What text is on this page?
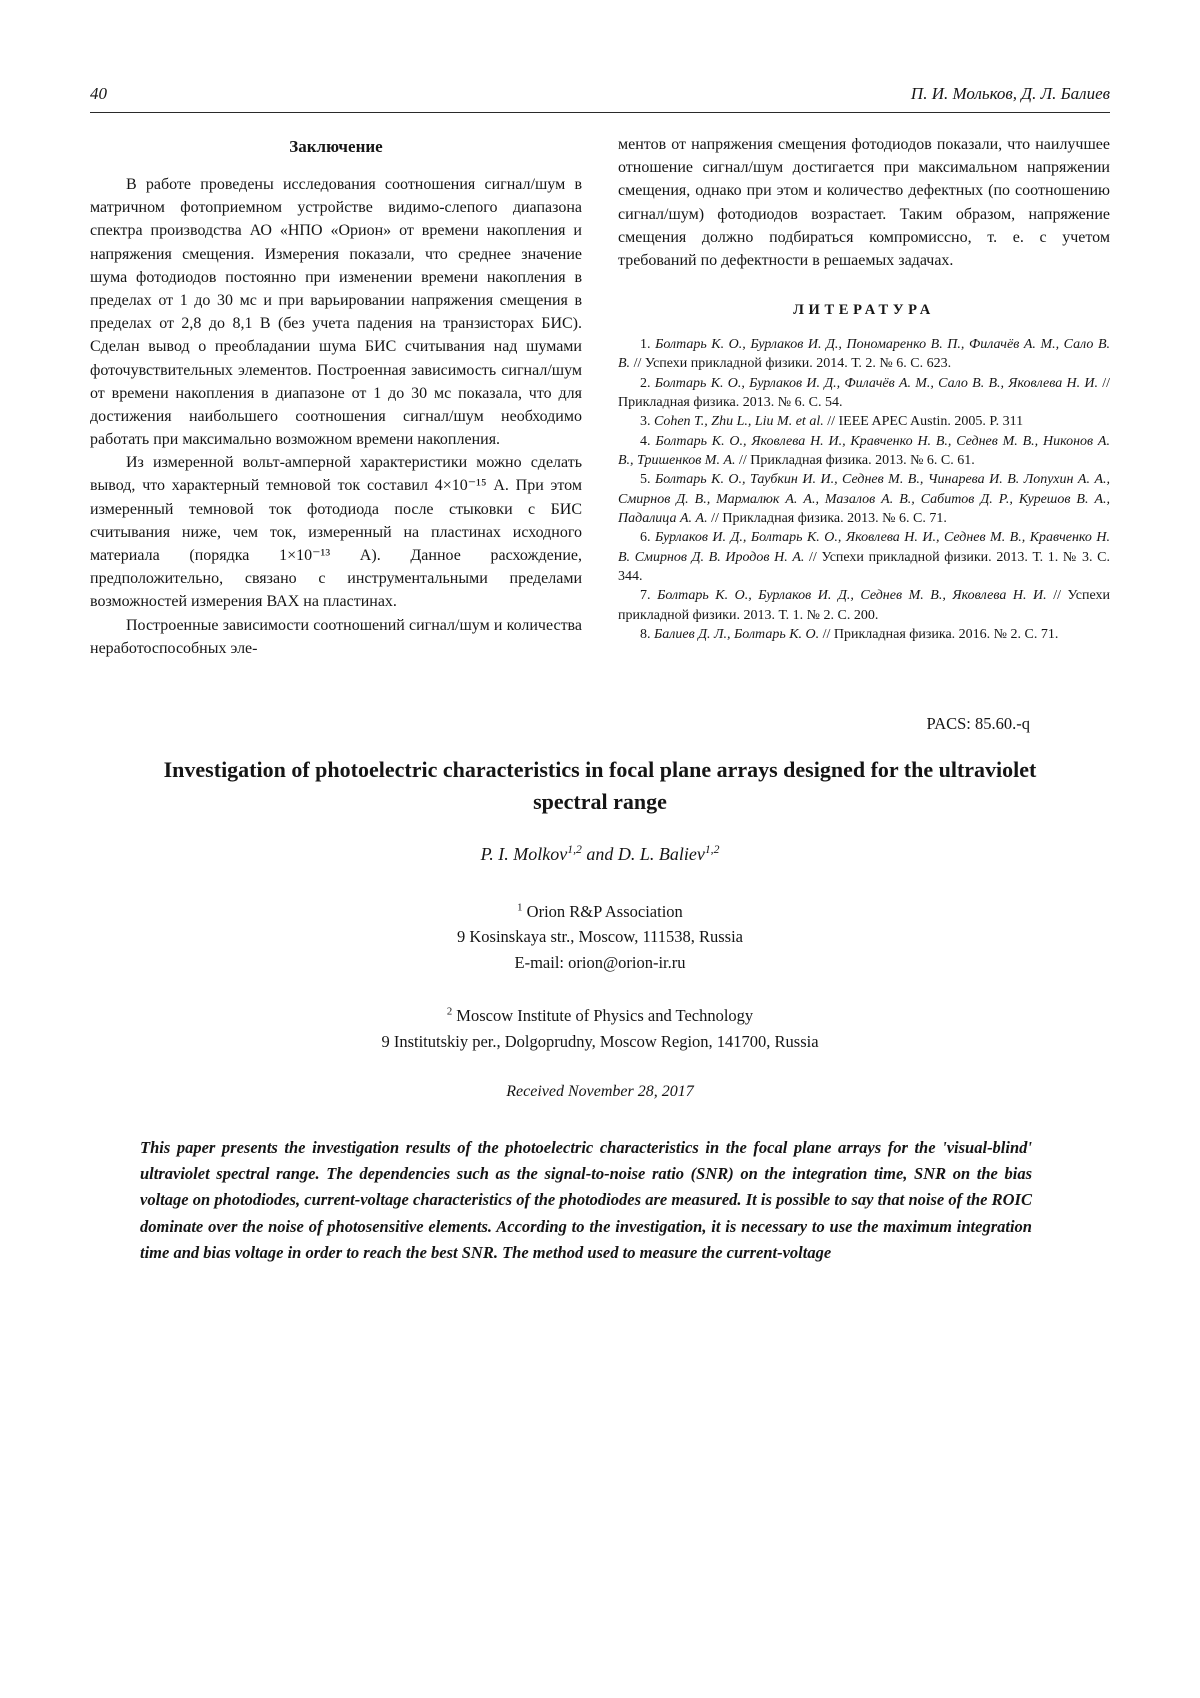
40	П. И. Мольков, Д. Л. Балиев
Заключение

В работе проведены исследования соотношения сигнал/шум в матричном фотоприемном устройстве видимо-слепого диапазона спектра производства АО «НПО «Орион» от времени накопления и напряжения смещения. Измерения показали, что среднее значение шума фотодиодов постоянно при изменении времени накопления в пределах от 1 до 30 мс и при варьировании напряжения смещения в пределах от 2,8 до 8,1 В (без учета падения на транзисторах БИС). Сделан вывод о преобладании шума БИС считывания над шумами фоточувствительных элементов. Построенная зависимость сигнал/шум от времени накопления в диапазоне от 1 до 30 мс показала, что для достижения наибольшего соотношения сигнал/шум необходимо работать при максимально возможном времени накопления.

Из измеренной вольт-амперной характеристики можно сделать вывод, что характерный темновой ток составил 4×10⁻¹⁵ А. При этом измеренный темновой ток фотодиода после стыковки с БИС считывания ниже, чем ток, измеренный на пластинах исходного материала (порядка 1×10⁻¹³ А). Данное расхождение, предположительно, связано с инструментальными пределами возможностей измерения ВАХ на пластинах.

Построенные зависимости соотношений сигнал/шум и количества неработоспособных эле-

ментов от напряжения смещения фотодиодов показали, что наилучшее отношение сигнал/шум достигается при максимальном напряжении смещения, однако при этом и количество дефектных (по соотношению сигнал/шум) фотодиодов возрастает. Таким образом, напряжение смещения должно подбираться компромиссно, т. е. с учетом требований по дефектности в решаемых задачах.

ЛИТЕРАТУРА

1. Болтарь К. О., Бурлаков И. Д., Пономаренко В. П., Филачёв А. М., Сало В. В. // Успехи прикладной физики. 2014. Т. 2. № 6. С. 623.

2. Болтарь К. О., Бурлаков И. Д., Филачёв А. М., Сало В. В., Яковлева Н. И. // Прикладная физика. 2013. № 6. С. 54.

3. Cohen T., Zhu L., Liu M. et al. // IEEE APEC Austin. 2005. P. 311

4. Болтарь К. О., Яковлева Н. И., Кравченко Н. В., Седнев М. В., Никонов А. В., Тришенков М. А. // Прикладная физика. 2013. № 6. С. 61.

5. Болтарь К. О., Таубкин И. И., Седнев М. В., Чинарева И. В. Лопухин А. А., Смирнов Д. В., Мармалюк А. А., Мазалов А. В., Сабитов Д. Р., Курешов В. А., Падалица А. А. // Прикладная физика. 2013. № 6. С. 71.

6. Бурлаков И. Д., Болтарь К. О., Яковлева Н. И., Седнев М. В., Кравченко Н. В. Смирнов Д. В. Иродов Н. А. // Успехи прикладной физики. 2013. Т. 1. № 3. С. 344.

7. Болтарь К. О., Бурлаков И. Д., Седнев М. В., Яковлева Н. И. // Успехи прикладной физики. 2013. Т. 1. № 2. С. 200.

8. Балиев Д. Л., Болтарь К. О. // Прикладная физика. 2016. № 2. С. 71.

PACS: 85.60.-q

Investigation of photoelectric characteristics in focal plane arrays designed for the ultraviolet spectral range

P. I. Molkov$^{1,2}$ and D. L. Baliev$^{1,2}$

$^1$ Orion R&P Association

9 Kosinskaya str., Moscow, 111538, Russia

E-mail: orion@orion-ir.ru

$^2$ Moscow Institute of Physics and Technology

9 Institutskiy per., Dolgoprudny, Moscow Region, 141700, Russia

Received November 28, 2017

This paper presents the investigation results of the photoelectric characteristics in the focal plane arrays for the 'visual-blind' ultraviolet spectral range. The dependencies such as the signal-to-noise ratio (SNR) on the integration time, SNR on the bias voltage on photodiodes, current-voltage characteristics of the photodiodes are measured. It is possible to say that noise of the ROIC dominate over the noise of photosensitive elements. According to the investigation, it is necessary to use the maximum integration time and bias voltage in order to reach the best SNR. The method used to measure the current-voltage
